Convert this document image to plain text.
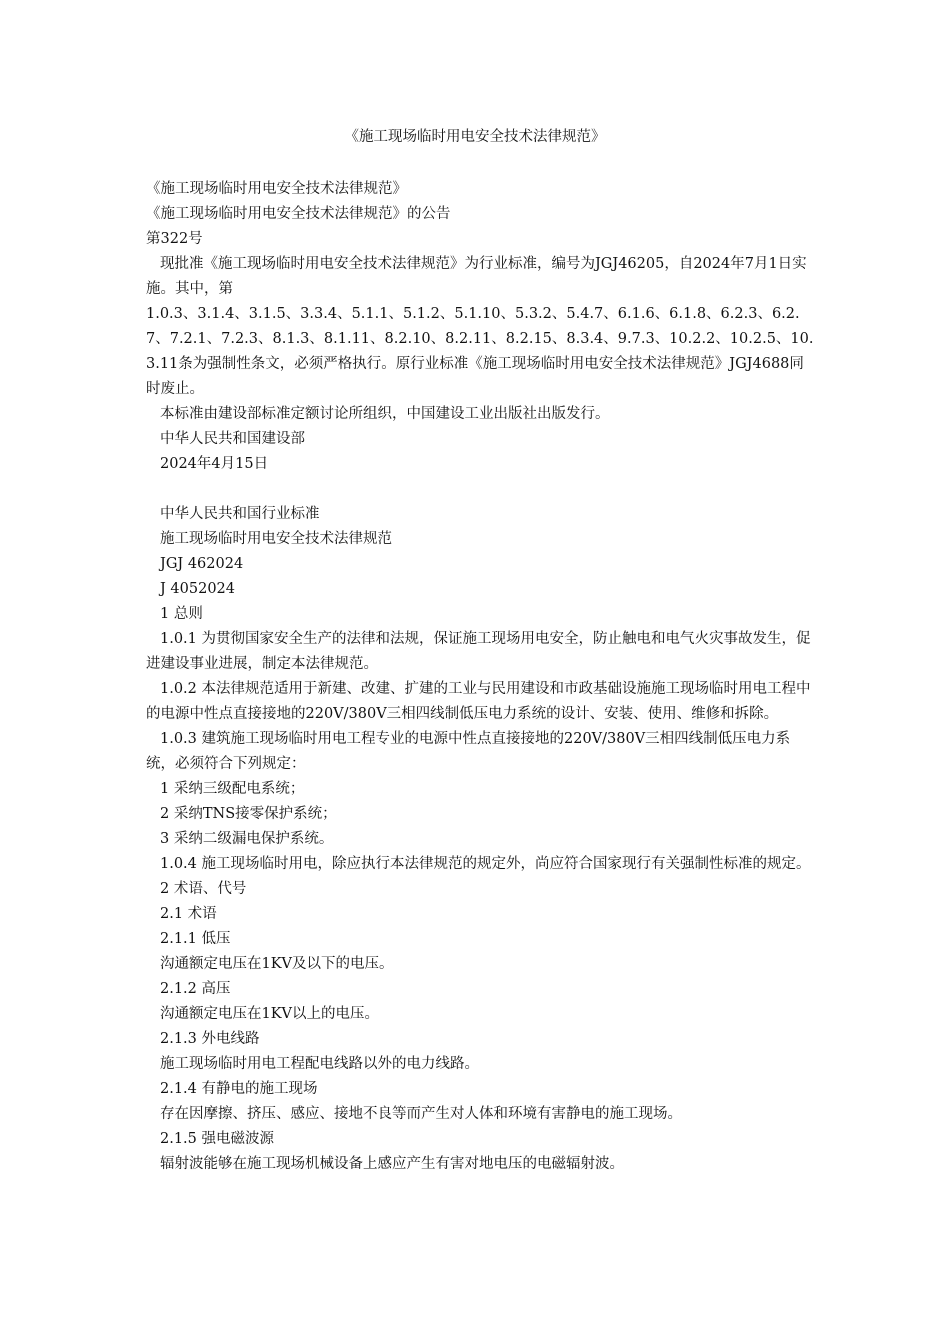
《施工现场临时用电安全技术法律规范》

《施工现场临时用电安全技术法律规范》

《施工现场临时用电安全技术法律规范》的公告

第322号

现批准《施工现场临时用电安全技术法律规范》为行业标准，编号为JGJ46205，自2024年7月1日实施。其中，第

1.0.3、3.1.4、3.1.5、3.3.4、5.1.1、5.1.2、5.1.10、5.3.2、5.4.7、6.1.6、6.1.8、6.2.3、6.2.7、7.2.1、7.2.3、8.1.3、8.1.11、8.2.10、8.2.11、8.2.15、8.3.4、9.7.3、10.2.2、10.2.5、10.3.11条为强制性条文，必须严格执行。原行业标准《施工现场临时用电安全技术法律规范》JGJ4688同时废止。

本标准由建设部标准定额讨论所组织，中国建设工业出版社出版发行。

中华人民共和国建设部

2024年4月15日

中华人民共和国行业标准

施工现场临时用电安全技术法律规范

JGJ 462024

J 4052024

1 总则

1.0.1 为贯彻国家安全生产的法律和法规，保证施工现场用电安全，防止触电和电气火灾事故发生，促进建设事业进展，制定本法律规范。

1.0.2 本法律规范适用于新建、改建、扩建的工业与民用建设和市政基础设施施工现场临时用电工程中的电源中性点直接接地的220V/380V三相四线制低压电力系统的设计、安装、使用、维修和拆除。

1.0.3 建筑施工现场临时用电工程专业的电源中性点直接接地的220V/380V三相四线制低压电力系统，必须符合下列规定：

1 采纳三级配电系统；

2 采纳TNS接零保护系统；

3 采纳二级漏电保护系统。

1.0.4 施工现场临时用电，除应执行本法律规范的规定外，尚应符合国家现行有关强制性标准的规定。

2 术语、代号

2.1 术语

2.1.1 低压

沟通额定电压在1KV及以下的电压。

2.1.2 高压

沟通额定电压在1KV以上的电压。

2.1.3 外电线路

施工现场临时用电工程配电线路以外的电力线路。

2.1.4 有静电的施工现场

存在因摩擦、挤压、感应、接地不良等而产生对人体和环境有害静电的施工现场。

2.1.5 强电磁波源

辐射波能够在施工现场机械设备上感应产生有害对地电压的电磁辐射波。
